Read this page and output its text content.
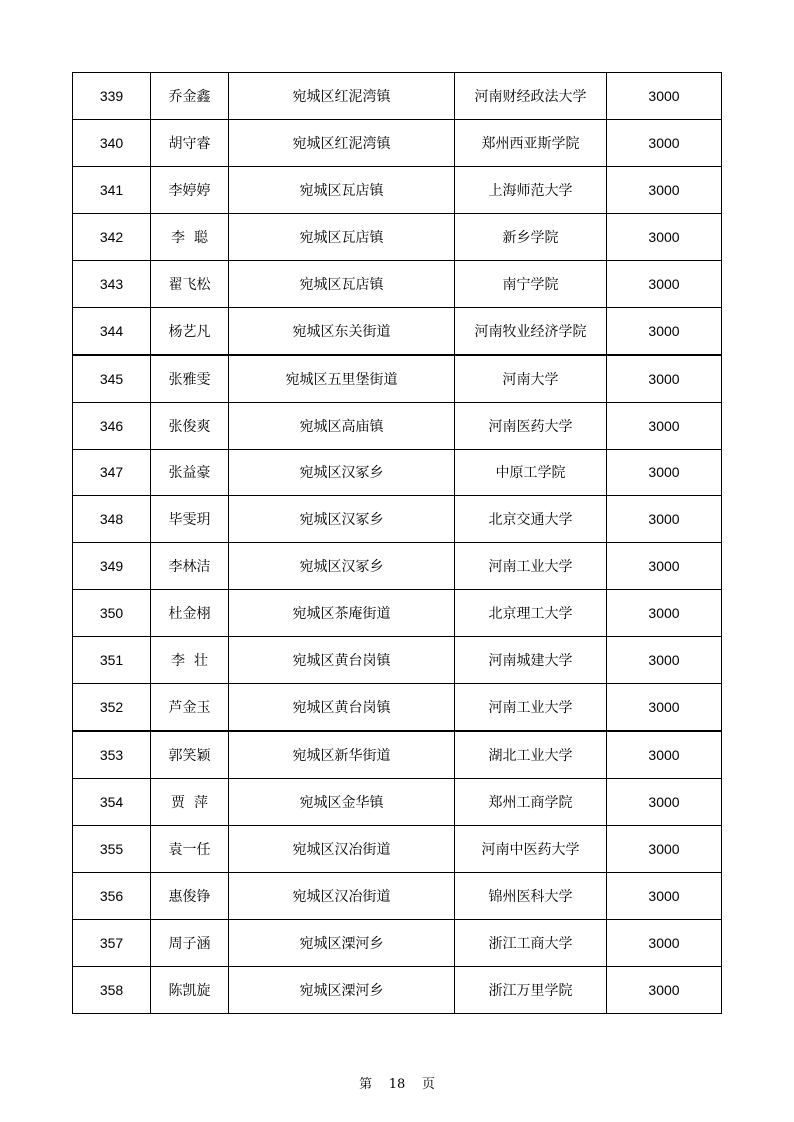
339	乔金鑫	宛城区红泥湾镇	河南财经政法大学	3000
340	胡守睿	宛城区红泥湾镇	郑州西亚斯学院	3000
341	李婷婷	宛城区瓦店镇	上海师范大学	3000
342	李  聪	宛城区瓦店镇	新乡学院	3000
343	翟飞松	宛城区瓦店镇	南宁学院	3000
344	杨艺凡	宛城区东关街道	河南牧业经济学院	3000
345	张雅雯	宛城区五里堡街道	河南大学	3000
346	张俊爽	宛城区高庙镇	河南医药大学	3000
347	张益豪	宛城区汉冢乡	中原工学院	3000
348	毕雯玥	宛城区汉冢乡	北京交通大学	3000
349	李林洁	宛城区汉冢乡	河南工业大学	3000
350	杜金栩	宛城区茶庵街道	北京理工大学	3000
351	李  壮	宛城区黄台岗镇	河南城建大学	3000
352	芦金玉	宛城区黄台岗镇	河南工业大学	3000
353	郭笑颖	宛城区新华街道	湖北工业大学	3000
354	贾  萍	宛城区金华镇	郑州工商学院	3000
355	袁一任	宛城区汉冶街道	河南中医药大学	3000
356	惠俊铮	宛城区汉冶街道	锦州医科大学	3000
357	周子涵	宛城区溧河乡	浙江工商大学	3000
358	陈凯旋	宛城区溧河乡	浙江万里学院	3000
第 18 页
